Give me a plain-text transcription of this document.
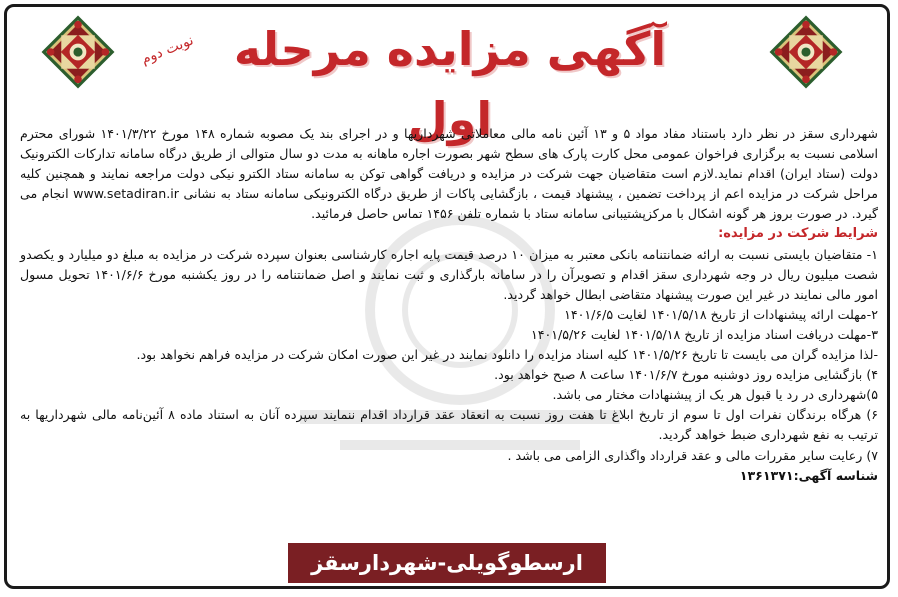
آگهی مزایده مرحله اول
نوبت دوم

شهرداری سقز در نظر دارد باستناد مفاد مواد ۵ و ۱۳ آئین نامه مالی معاملاتی شهرداریها و در اجرای بند یک مصوبه شماره ۱۴۸ مورخ ۱۴۰۱/۳/۲۲ شورای محترم اسلامی نسبت به برگزاری فراخوان عمومی محل کارت پارک های سطح شهر بصورت اجاره ماهانه به مدت دو سال متوالی از طریق درگاه سامانه تدارکات الکترونیک دولت (ستاد ایران) اقدام نماید.لازم است متقاضیان جهت شرکت در مزایده و دریافت گواهی توکن به سامانه ستاد الکترو نیکی دولت مراجعه نمایند و همچنین کلیه مراحل شرکت در مزایده اعم از پرداخت تضمین ، پیشنهاد قیمت ، بازگشایی پاکات از طریق درگاه الکترونیکی سامانه ستاد به نشانی www.setadiran.ir انجام می گیرد. در صورت بروز هر گونه اشکال با مرکزپشتیبانی سامانه ستاد با شماره تلفن ۱۴۵۶ تماس حاصل فرمائید.

شرایط شرکت در مزایده:

۱- متقاضیان بایستی نسبت به ارائه ضمانتنامه بانکی معتبر به میزان ۱۰ درصد قیمت پایه اجاره کارشناسی بعنوان سپرده شرکت در مزایده به مبلغ دو میلیارد و یکصدو شصت میلیون ریال در وجه شهرداری سقز اقدام و تصویرآن را در سامانه بارگذاری و ثبت نمایند و اصل ضمانتنامه را در روز یکشنبه مورخ ۱۴۰۱/۶/۶ تحویل مسول امور مالی نمایند در غیر این صورت پیشنهاد متقاضی ابطال خواهد گردید.

۲-مهلت ارائه پیشنهادات از تاریخ ۱۴۰۱/۵/۱۸ لغایت ۱۴۰۱/۶/۵

۳-مهلت دریافت اسناد مزایده از تاریخ ۱۴۰۱/۵/۱۸ لغایت ۱۴۰۱/۵/۲۶

-لذا مزایده گران می بایست تا تاریخ ۱۴۰۱/۵/۲۶ کلیه اسناد مزایده را دانلود نمایند در غیر این صورت امکان شرکت در مزایده فراهم نخواهد بود.

۴) بازگشایی مزایده روز دوشنبه مورخ ۱۴۰۱/۶/۷ ساعت ۸ صبح خواهد بود.

۵)شهرداری در رد یا قبول هر یک از پیشنهادات مختار می باشد.

۶) هرگاه برندگان نفرات اول تا سوم از تاریخ ابلاغ تا هفت روز نسبت به انعقاد عقد قرارداد اقدام ننمایند سپرده آنان به استناد ماده ۸ آئین‌نامه مالی شهرداریها به ترتیب به نفع شهرداری ضبط خواهد گردید.

۷) رعایت سایر مقررات مالی و عقد قرارداد واگذاری الزامی می باشد .

شناسه آگهی:۱۳۶۱۳۷۱

ارسطوگویلی-شهردارسقز
